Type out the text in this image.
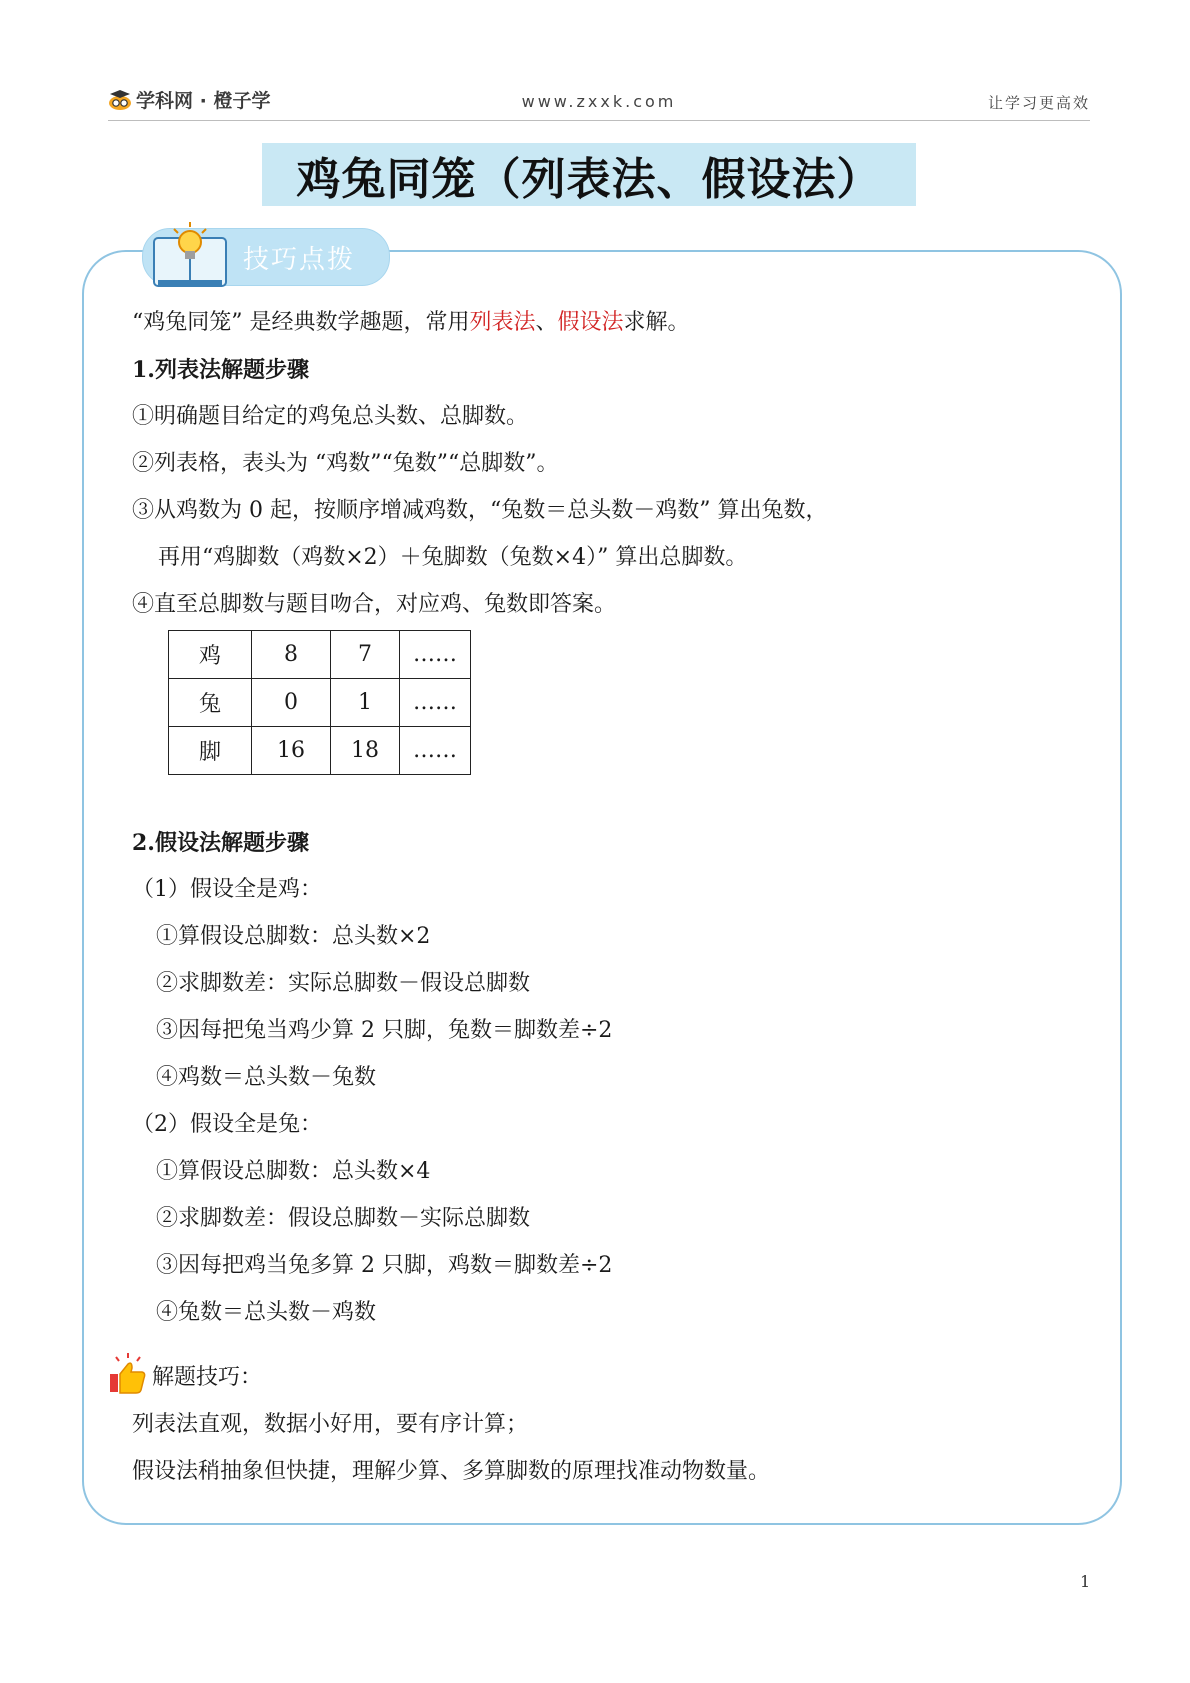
学科网 · 橙子学	www.zxxk.com	让学习更高效
鸡兔同笼（列表法、假设法）
技巧点拨
“鸡兔同笼” 是经典数学趣题，常用列表法、假设法求解。
1.列表法解题步骤
①明确题目给定的鸡兔总头数、总脚数。
②列表格，表头为 “鸡数”“兔数”“总脚数”。
③从鸡数为 0 起，按顺序增减鸡数，“兔数＝总头数－鸡数” 算出兔数，
再用“鸡脚数（鸡数×2）＋兔脚数（兔数×4）” 算出总脚数。
④直至总脚数与题目吻合，对应鸡、兔数即答案。
鸡	8	7	……
兔	0	1	……
脚	16	18	……
2.假设法解题步骤
（1）假设全是鸡：
①算假设总脚数：总头数×2
②求脚数差：实际总脚数－假设总脚数
③因每把兔当鸡少算 2 只脚，兔数＝脚数差÷2
④鸡数＝总头数－兔数
（2）假设全是兔：
①算假设总脚数：总头数×4
②求脚数差：假设总脚数－实际总脚数
③因每把鸡当兔多算 2 只脚，鸡数＝脚数差÷2
④兔数＝总头数－鸡数
解题技巧：
列表法直观，数据小好用，要有序计算；
假设法稍抽象但快捷，理解少算、多算脚数的原理找准动物数量。
1
